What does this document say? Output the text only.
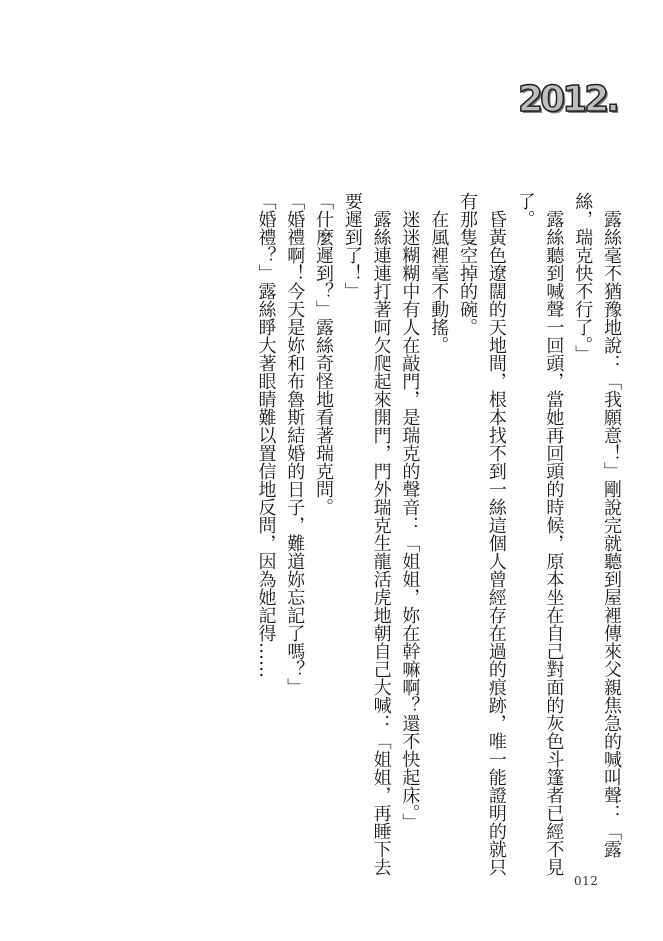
2012.

露絲毫不猶豫地說：「我願意！」剛說完就聽到屋裡傳來父親焦急的喊叫聲：「露絲，瑞克快不行了。」

露絲聽到喊聲一回頭，當她再回頭的時候，原本坐在自己對面的灰色斗篷者已經不見了。

昏黃色遼闊的天地間，根本找不到一絲這個人曾經存在過的痕跡，唯一能證明的就只有那隻空掉的碗。

在風裡毫不動搖。

迷迷糊糊中有人在敲門，是瑞克的聲音：「姐姐，妳在幹嘛啊？還不快起床。」

露絲連連打著呵欠爬起來開門，門外瑞克生龍活虎地朝自己大喊：「姐姐，再睡下去要遲到了！」

「什麼遲到？」露絲奇怪地看著瑞克問。

「婚禮啊！今天是妳和布魯斯結婚的日子，難道妳忘記了嗎？」

「婚禮？」露絲睜大著眼睛難以置信地反問，因為她記得……

012
